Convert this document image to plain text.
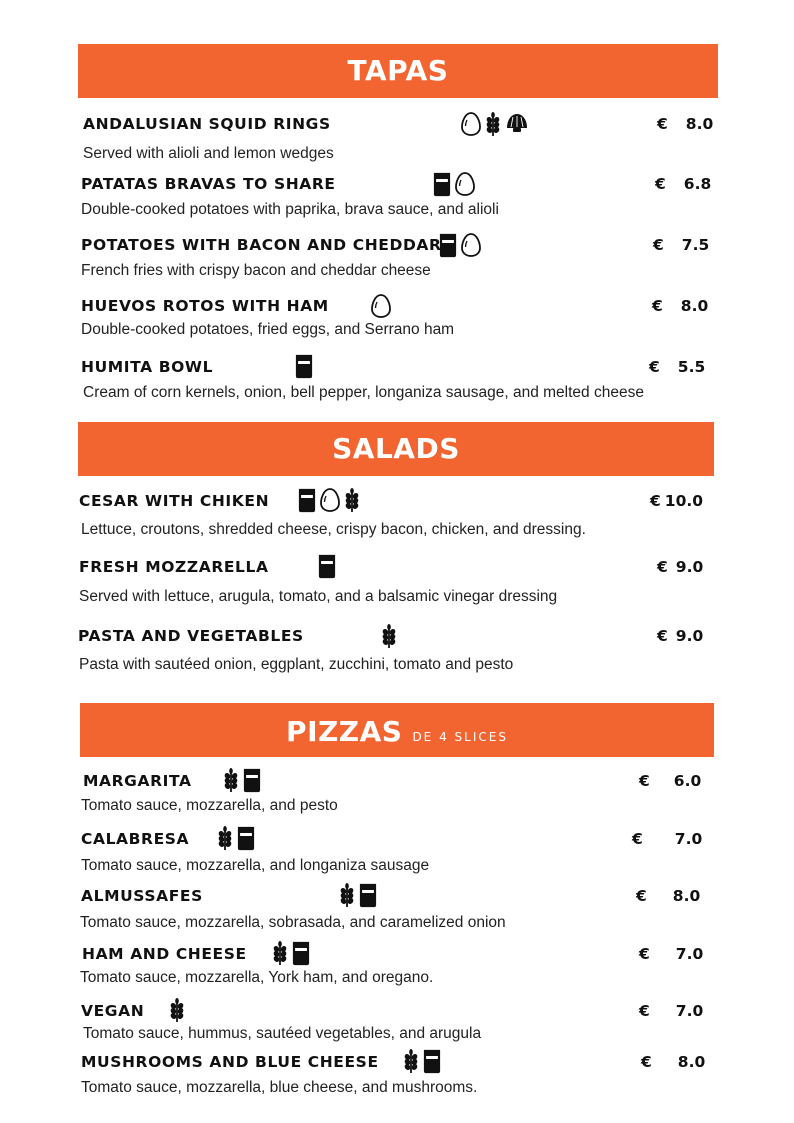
TAPAS
ANDALUSIAN SQUID RINGS	€ 8.0
Served with alioli and lemon wedges
PATATAS BRAVAS TO SHARE	€ 6.8
Double-cooked potatoes with paprika, brava sauce, and alioli
POTATOES WITH BACON AND CHEDDAR	€ 7.5
French fries with crispy bacon and cheddar cheese
HUEVOS ROTOS WITH HAM	€ 8.0
Double-cooked potatoes, fried eggs, and Serrano ham
HUMITA BOWL	€ 5.5
Cream of corn kernels, onion, bell pepper, longaniza sausage, and melted cheese
SALADS
CESAR WITH CHIKEN	€ 10.0
Lettuce, croutons, shredded cheese, crispy bacon, chicken, and dressing.
FRESH MOZZARELLA	€ 9.0
Served with lettuce, arugula, tomato, and a balsamic vinegar dressing
PASTA AND VEGETABLES	€ 9.0
Pasta with sautéed onion, eggplant, zucchini, tomato and pesto
PIZZAS DE 4 SLICES
MARGARITA	€ 6.0
Tomato sauce, mozzarella, and pesto
CALABRESA	€ 7.0
Tomato sauce, mozzarella, and longaniza sausage
ALMUSSAFES	€ 8.0
Tomato sauce, mozzarella, sobrasada, and caramelized onion
HAM AND CHEESE	€ 7.0
Tomato sauce, mozzarella, York ham, and oregano.
VEGAN	€ 7.0
Tomato sauce, hummus, sautéed vegetables, and arugula
MUSHROOMS AND BLUE CHEESE	€ 8.0
Tomato sauce, mozzarella, blue cheese, and mushrooms.
